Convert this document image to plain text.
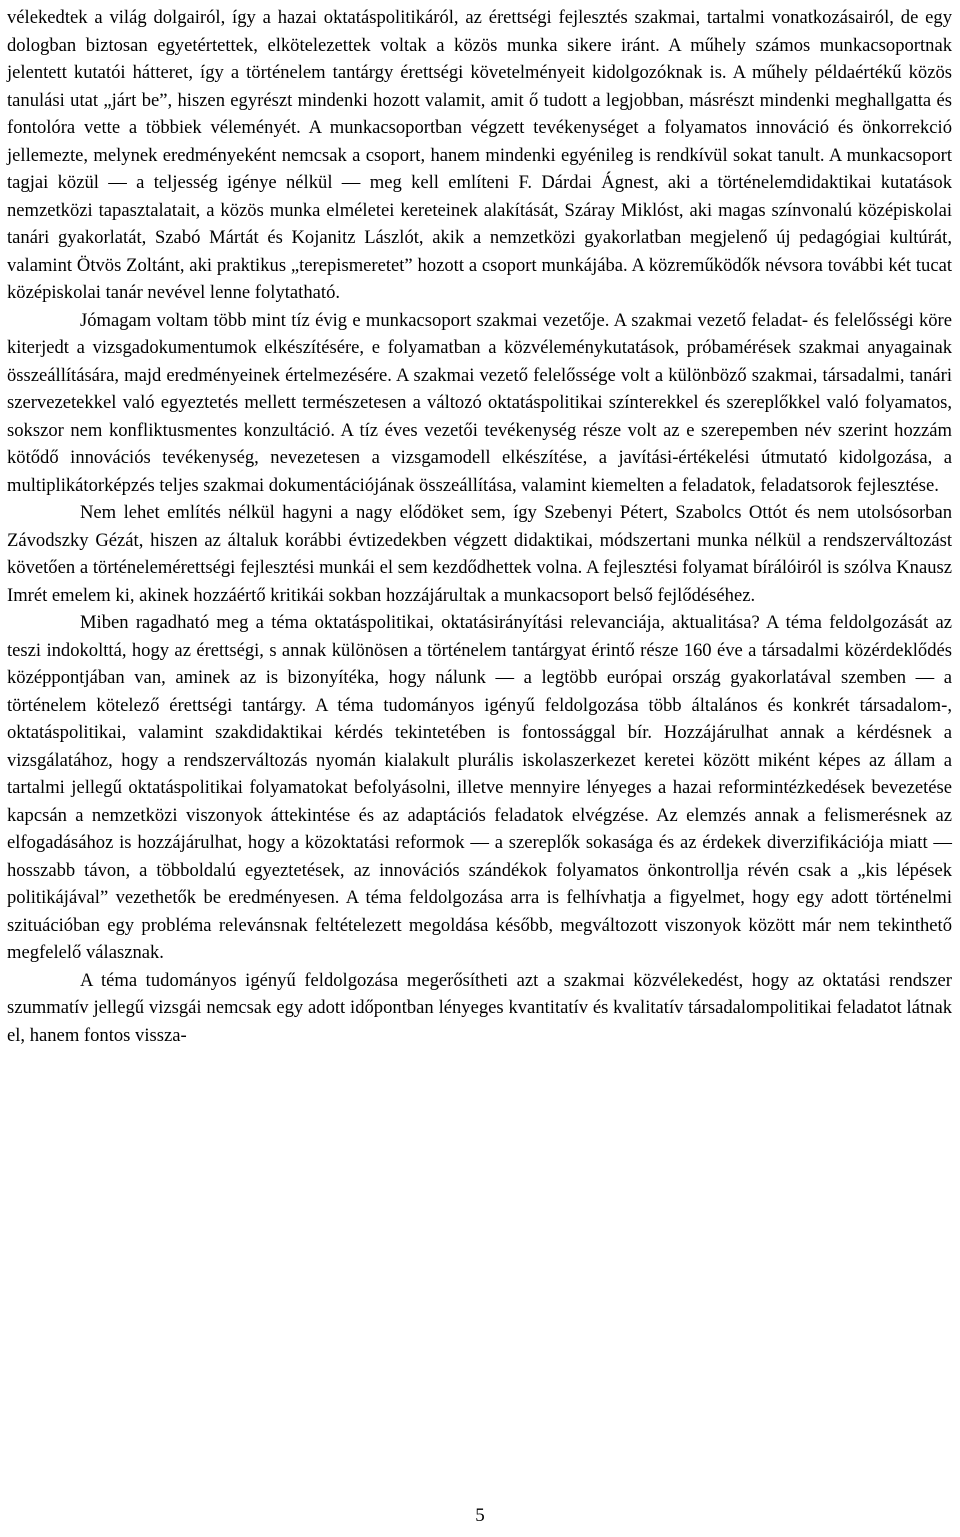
vélekedtek a világ dolgairól, így a hazai oktatáspolitikáról, az érettségi fejlesztés szakmai, tartalmi vonatkozásairól, de egy dologban biztosan egyetértettek, elkötelezettek voltak a közös munka sikere iránt. A műhely számos munkacsoportnak jelentett kutatói hátteret, így a történelem tantárgy érettségi követelményeit kidolgozóknak is. A műhely példaértékű közös tanulási utat „járt be”, hiszen egyrészt mindenki hozott valamit, amit ő tudott a legjobban, másrészt mindenki meghallgatta és fontolóra vette a többiek véleményét. A munkacsoportban végzett tevékenységet a folyamatos innováció és önkorrekció jellemezte, melynek eredményeként nemcsak a csoport, hanem mindenki egyénileg is rendkívül sokat tanult. A munkacsoport tagjai közül — a teljesség igénye nélkül — meg kell említeni F. Dárdai Ágnest, aki a történelemdidaktikai kutatások nemzetközi tapasztalatait, a közös munka elméletei kereteinek alakítását, Száray Miklóst, aki magas színvonalú középiskolai tanári gyakorlatát, Szabó Mártát és Kojanitz Lászlót, akik a nemzetközi gyakorlatban megjelenő új pedagógiai kultúrát, valamint Ötvös Zoltánt, aki praktikus „terepismeretet” hozott a csoport munkájába. A közreműködők névsora további két tucat középiskolai tanár nevével lenne folytatható.

Jómagam voltam több mint tíz évig e munkacsoport szakmai vezetője. A szakmai vezető feladat- és felelősségi köre kiterjedt a vizsgadokumentumok elkészítésére, e folyamatban a közvéleménykutatások, próbamérések szakmai anyagainak összeállítására, majd eredményeinek értelmezésére. A szakmai vezető felelőssége volt a különböző szakmai, társadalmi, tanári szervezetekkel való egyeztetés mellett természetesen a változó oktatáspolitikai színterekkel és szereplőkkel való folyamatos, sokszor nem konfliktusmentes konzultáció. A tíz éves vezetői tevékenység része volt az e szerepemben név szerint hozzám kötődő innovációs tevékenység, nevezetesen a vizsgamodell elkészítése, a javítási-értékelési útmutató kidolgozása, a multiplikátorképzés teljes szakmai dokumentációjának összeállítása, valamint kiemelten a feladatok, feladatsorok fejlesztése.

Nem lehet említés nélkül hagyni a nagy elődöket sem, így Szebenyi Pétert, Szabolcs Ottót és nem utolsósorban Závodszky Gézát, hiszen az általuk korábbi évtizedekben végzett didaktikai, módszertani munka nélkül a rendszerváltozást követően a történelemérettségi fejlesztési munkái el sem kezdődhettek volna. A fejlesztési folyamat bírálóiról is szólva Knausz Imrét emelem ki, akinek hozzáértő kritikái sokban hozzájárultak a munkacsoport belső fejlődéséhez.

Miben ragadható meg a téma oktatáspolitikai, oktatásirányítási relevanciája, aktualitása? A téma feldolgozását az teszi indokolttá, hogy az érettségi, s annak különösen a történelem tantárgyat érintő része 160 éve a társadalmi közérdeklődés középpontjában van, aminek az is bizonyítéka, hogy nálunk — a legtöbb európai ország gyakorlatával szemben — a történelem kötelező érettségi tantárgy. A téma tudományos igényű feldolgozása több általános és konkrét társadalom-, oktatáspolitikai, valamint szakdidaktikai kérdés tekintetében is fontossággal bír. Hozzájárulhat annak a kérdésnek a vizsgálatához, hogy a rendszerváltozás nyomán kialakult plurális iskolaszerkezet keretei között miként képes az állam a tartalmi jellegű oktatáspolitikai folyamatokat befolyásolni, illetve mennyire lényeges a hazai reformintézkedések bevezetése kapcsán a nemzetközi viszonyok áttekintése és az adaptációs feladatok elvégzése. Az elemzés annak a felismerésnek az elfogadásához is hozzájárulhat, hogy a közoktatási reformok — a szereplők sokasága és az érdekek diverzifikációja miatt — hosszabb távon, a többoldalú egyeztetések, az innovációs szándékok folyamatos önkontrollja révén csak a „kis lépések politikájával” vezethetők be eredményesen. A téma feldolgozása arra is felhívhatja a figyelmet, hogy egy adott történelmi szituációban egy probléma relevánsnak feltételezett megoldása később, megváltozott viszonyok között már nem tekinthető megfelelő válasznak.

A téma tudományos igényű feldolgozása megerősítheti azt a szakmai közvélekedést, hogy az oktatási rendszer szummatív jellegű vizsgái nemcsak egy adott időpontban lényeges kvantitatív és kvalitatív társadalompolitikai feladatot látnak el, hanem fontos vissza-

5
